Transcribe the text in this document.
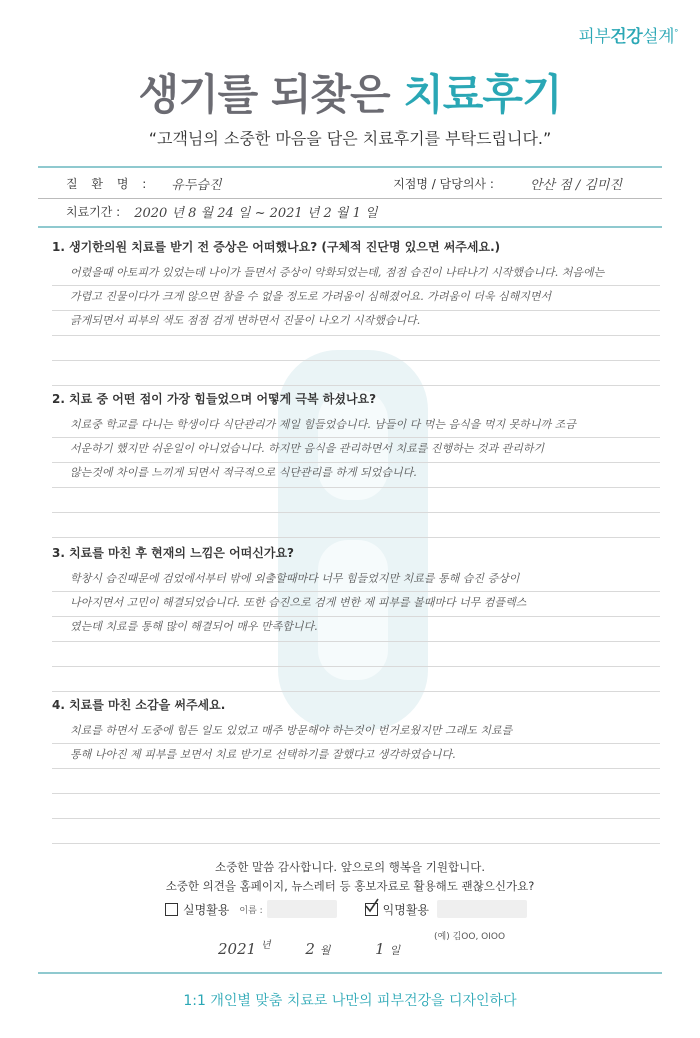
피부건강설계°
생기를 되찾은 치료후기
“고객님의 소중한 마음을 담은 치료후기를 부탁드립니다.”
질 환 명 : 유두습진	지점명 / 담당의사 :	안산 점 / 김미진
치료기간 : 2020 년 8 월 24 일 ~ 2021 년 2 월 1 일
1. 생기한의원 치료를 받기 전 증상은 어떠했나요? (구체적 진단명 있으면 써주세요.)
어렸을때 아토피가 있었는데 나이가 들면서 증상이 악화되었는데, 점점 습진이 나타나기 시작했습니다. 처음에는
가렵고 진물이다가 크게 않으면 참을 수 없을 정도로 가려움이 심해졌어요. 가려움이 더욱 심해지면서
긁게되면서 피부의 색도 점점 검게 변하면서 진물이 나오기 시작했습니다.
2. 치료 중 어떤 점이 가장 힘들었으며 어떻게 극복 하셨나요?
치료중 학교를 다니는 학생이다 식단관리가 제일 힘들었습니다. 남들이 다 먹는 음식을 먹지 못하니까 조금
서운하기 했지만 쉬운일이 아니었습니다. 하지만 음식을 관리하면서 치료를 진행하는 것과 관리하기
않는것에 차이를 느끼게 되면서 적극적으로 식단관리를 하게 되었습니다.
3. 치료를 마친 후 현재의 느낌은 어떠신가요?
학창시 습진때문에 검었에서부터 밖에 외출할때마다 너무 힘들었지만 치료를 통해 습진 증상이
나아지면서 고민이 해결되었습니다. 또한 습진으로 검게 변한 제 피부를 볼때마다 너무 컴플렉스
였는데 치료를 통해 많이 해결되어 매우 만족합니다.
4. 치료를 마친 소감을 써주세요.
치료를 하면서 도중에 힘든 일도 있었고 매주 방문해야 하는것이 번거로웠지만 그래도 치료를
통해 나아진 제 피부를 보면서 치료 받기로 선택하기를 잘했다고 생각하였습니다.
소중한 말씀 감사합니다. 앞으로의 행복을 기원합니다.
소중한 의견을 홈페이지, 뉴스레터 등 홍보자료로 활용해도 괜찮으신가요?
실명활용 이름 :	익명활용
(예) 김OO, OIOO
2021 $^년$ 2 월	1 일
1:1 개인별 맞춤 치료로 나만의 피부건강을 디자인하다
